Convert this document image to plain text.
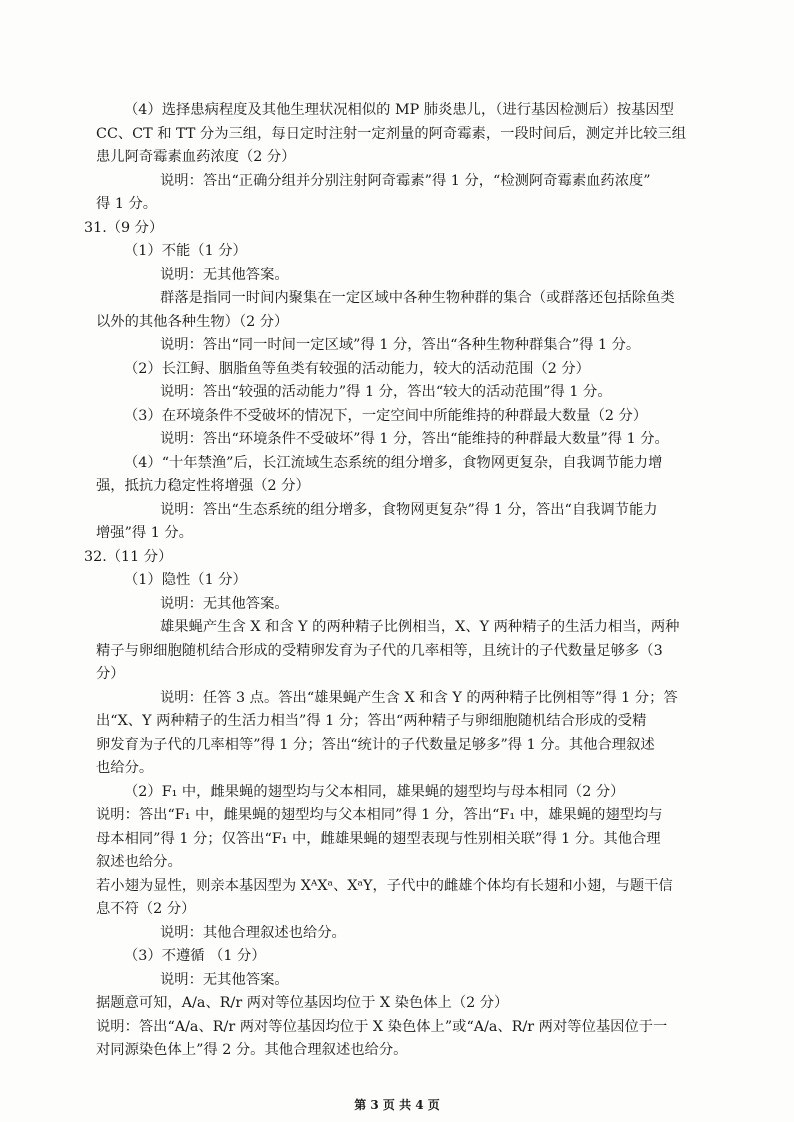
（4）选择患病程度及其他生理状况相似的 MP 肺炎患儿，（进行基因检测后）按基因型
CC、CT 和 TT 分为三组，每日定时注射一定剂量的阿奇霉素，一段时间后，测定并比较三组
患儿阿奇霉素血药浓度（2 分）
说明：答出“正确分组并分别注射阿奇霉素”得 1 分，“检测阿奇霉素血药浓度”
得 1 分。
31.（9 分）
（1）不能（1 分）
说明：无其他答案。
群落是指同一时间内聚集在一定区域中各种生物种群的集合（或群落还包括除鱼类
以外的其他各种生物）（2 分）
说明：答出“同一时间一定区域”得 1 分，答出“各种生物种群集合”得 1 分。
（2）长江鲟、胭脂鱼等鱼类有较强的活动能力，较大的活动范围（2 分）
说明：答出“较强的活动能力”得 1 分，答出“较大的活动范围”得 1 分。
（3）在环境条件不受破坏的情况下，一定空间中所能维持的种群最大数量（2 分）
说明：答出“环境条件不受破坏”得 1 分，答出“能维持的种群最大数量”得 1 分。
（4）“十年禁渔”后，长江流域生态系统的组分增多，食物网更复杂，自我调节能力增
强，抵抗力稳定性将增强（2 分）
说明：答出“生态系统的组分增多，食物网更复杂”得 1 分，答出“自我调节能力
增强”得 1 分。
32.（11 分）
（1）隐性（1 分）
说明：无其他答案。
雄果蝇产生含 X 和含 Y 的两种精子比例相当，X、Y 两种精子的生活力相当，两种
精子与卵细胞随机结合形成的受精卵发育为子代的几率相等，且统计的子代数量足够多（3
分）
说明：任答 3 点。答出“雄果蝇产生含 X 和含 Y 的两种精子比例相等”得 1 分；答
出“X、Y 两种精子的生活力相当”得 1 分；答出“两种精子与卵细胞随机结合形成的受精
卵发育为子代的几率相等”得 1 分；答出“统计的子代数量足够多”得 1 分。其他合理叙述
也给分。
（2）F₁ 中，雌果蝇的翅型均与父本相同，雄果蝇的翅型均与母本相同（2 分）
说明：答出“F₁ 中，雌果蝇的翅型均与父本相同”得 1 分，答出“F₁ 中，雄果蝇的翅型均与
母本相同”得 1 分；仅答出“F₁ 中，雌雄果蝇的翅型表现与性别相关联”得 1 分。其他合理
叙述也给分。
若小翅为显性，则亲本基因型为 XᴬXᵃ、XᵃY，子代中的雌雄个体均有长翅和小翅，与题干信
息不符（2 分）
说明：其他合理叙述也给分。
（3）不遵循 （1 分）
说明：无其他答案。
据题意可知，A/a、R/r 两对等位基因均位于 X 染色体上（2 分）
说明：答出“A/a、R/r 两对等位基因均位于 X 染色体上”或“A/a、R/r 两对等位基因位于一
对同源染色体上”得 2 分。其他合理叙述也给分。
第 3 页 共 4 页
